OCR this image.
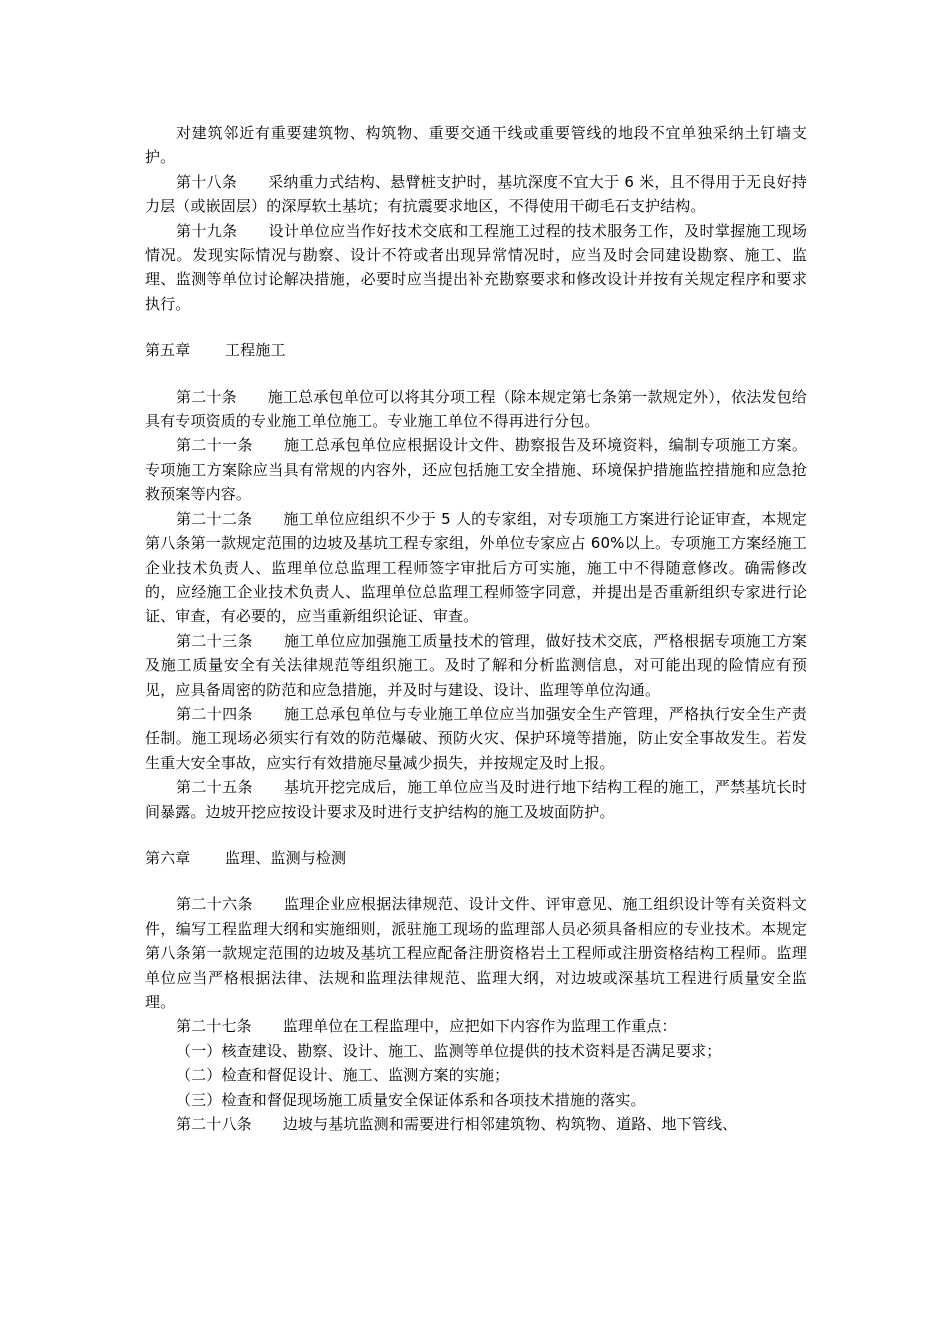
对建筑邻近有重要建筑物、构筑物、重要交通干线或重要管线的地段不宜单独采纳土钉墙支护。

第十八条 采纳重力式结构、悬臂桩支护时，基坑深度不宜大于 6 米，且不得用于无良好持力层（或嵌固层）的深厚软土基坑；有抗震要求地区，不得使用干砌毛石支护结构。

第十九条 设计单位应当作好技术交底和工程施工过程的技术服务工作，及时掌握施工现场情况。发现实际情况与勘察、设计不符或者出现异常情况时，应当及时会同建设勘察、施工、监理、监测等单位讨论解决措施，必要时应当提出补充勘察要求和修改设计并按有关规定程序和要求执行。

第五章 工程施工

第二十条 施工总承包单位可以将其分项工程（除本规定第七条第一款规定外），依法发包给具有专项资质的专业施工单位施工。专业施工单位不得再进行分包。

第二十一条 施工总承包单位应根据设计文件、勘察报告及环境资料，编制专项施工方案。专项施工方案除应当具有常规的内容外，还应包括施工安全措施、环境保护措施监控措施和应急抢救预案等内容。

第二十二条 施工单位应组织不少于 5 人的专家组，对专项施工方案进行论证审查，本规定第八条第一款规定范围的边坡及基坑工程专家组，外单位专家应占 60%以上。专项施工方案经施工企业技术负责人、监理单位总监理工程师签字审批后方可实施，施工中不得随意修改。确需修改的，应经施工企业技术负责人、监理单位总监理工程师签字同意，并提出是否重新组织专家进行论证、审查，有必要的，应当重新组织论证、审查。

第二十三条 施工单位应加强施工质量技术的管理，做好技术交底，严格根据专项施工方案及施工质量安全有关法律规范等组织施工。及时了解和分析监测信息，对可能出现的险情应有预见，应具备周密的防范和应急措施，并及时与建设、设计、监理等单位沟通。

第二十四条 施工总承包单位与专业施工单位应当加强安全生产管理，严格执行安全生产责任制。施工现场必须实行有效的防范爆破、预防火灾、保护环境等措施，防止安全事故发生。若发生重大安全事故，应实行有效措施尽量减少损失，并按规定及时上报。

第二十五条 基坑开挖完成后，施工单位应当及时进行地下结构工程的施工，严禁基坑长时间暴露。边坡开挖应按设计要求及时进行支护结构的施工及坡面防护。

第六章 监理、监测与检测

第二十六条 监理企业应根据法律规范、设计文件、评审意见、施工组织设计等有关资料文件，编写工程监理大纲和实施细则，派驻施工现场的监理部人员必须具备相应的专业技术。本规定第八条第一款规定范围的边坡及基坑工程应配备注册资格岩土工程师或注册资格结构工程师。监理单位应当严格根据法律、法规和监理法律规范、监理大纲，对边坡或深基坑工程进行质量安全监理。

第二十七条 监理单位在工程监理中，应把如下内容作为监理工作重点：

（一）核查建设、勘察、设计、施工、监测等单位提供的技术资料是否满足要求；

（二）检查和督促设计、施工、监测方案的实施；

（三）检查和督促现场施工质量安全保证体系和各项技术措施的落实。

第二十八条 边坡与基坑监测和需要进行相邻建筑物、构筑物、道路、地下管线、
